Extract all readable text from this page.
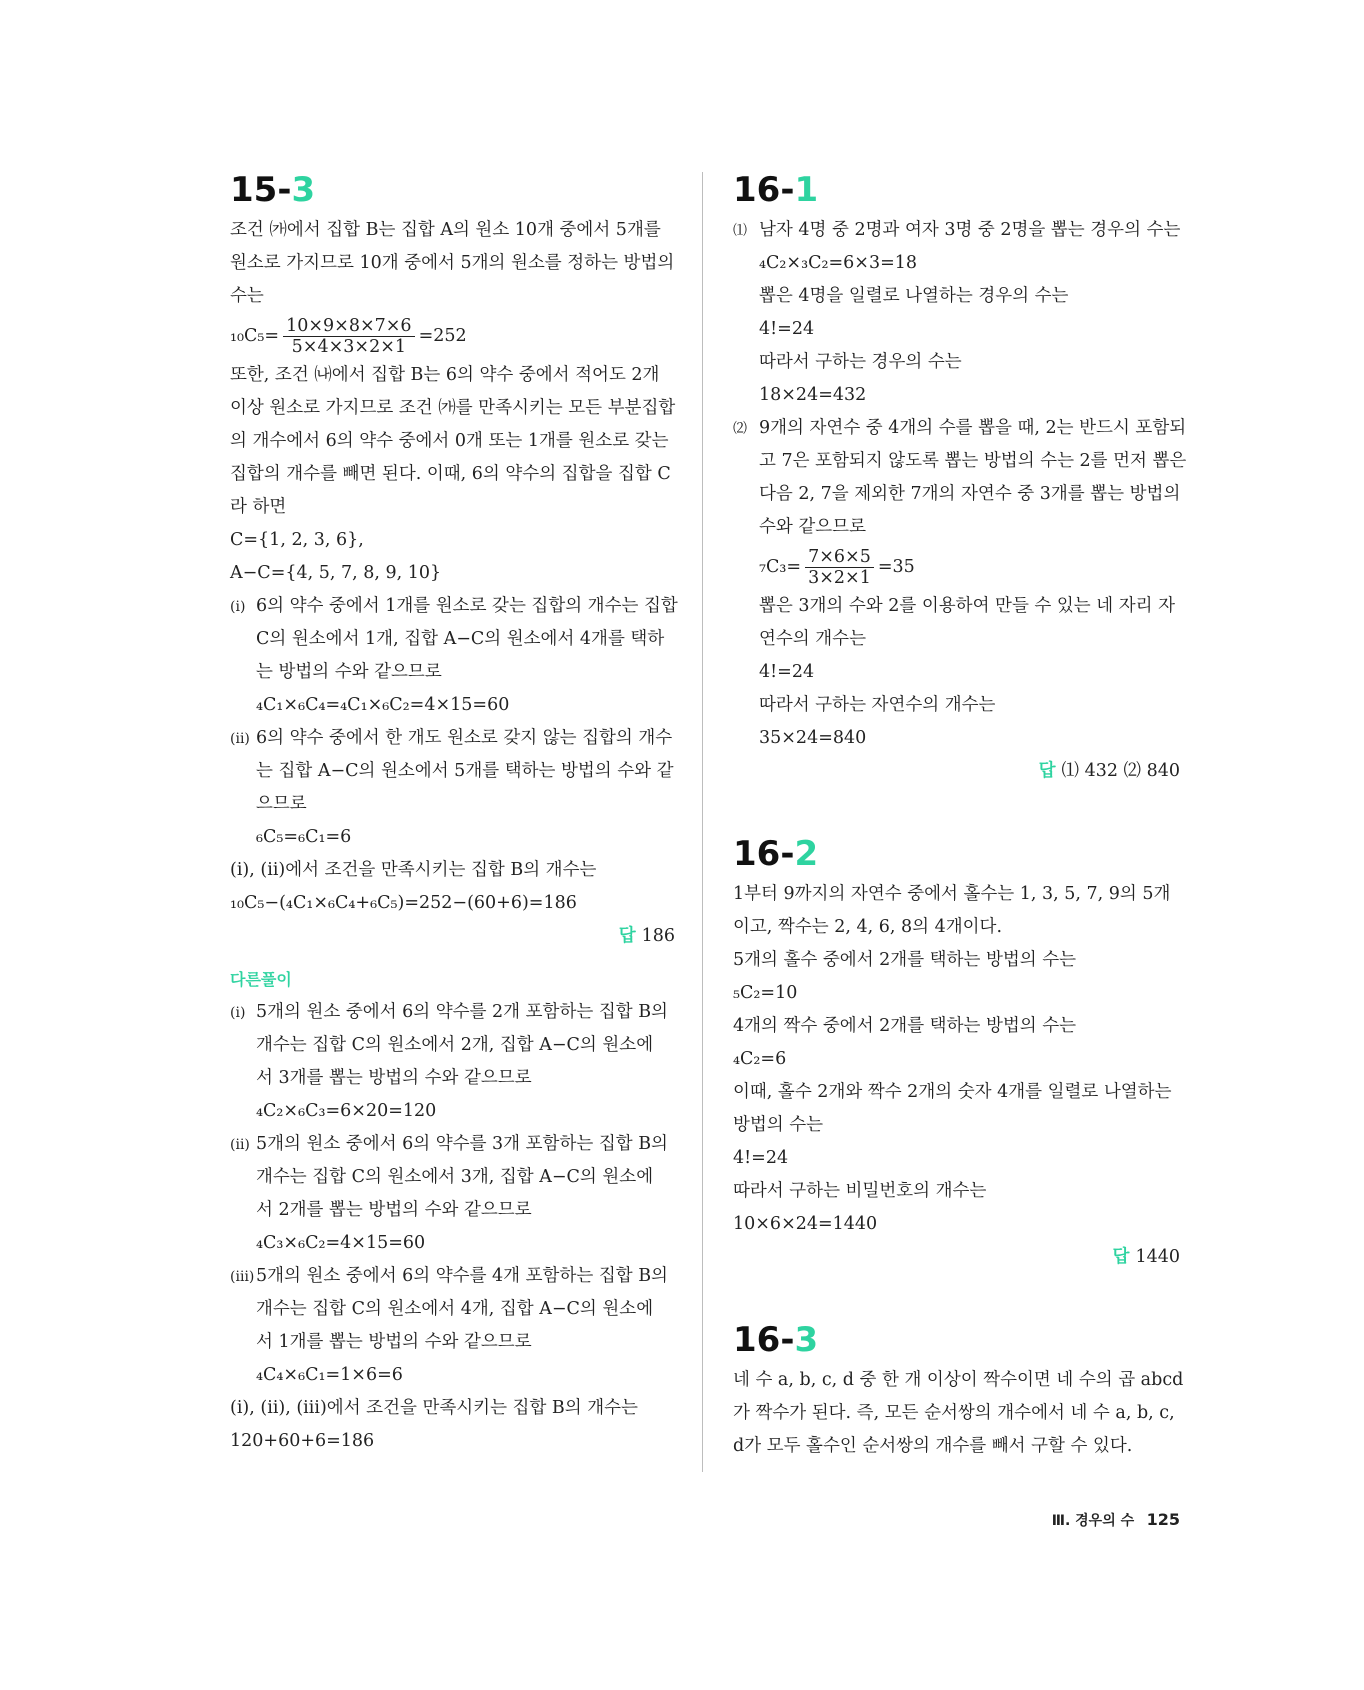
15-3
조건 ㈎에서 집합 B는 집합 A의 원소 10개 중에서 5개를
원소로 가지므로 10개 중에서 5개의 원소를 정하는 방법의
수는
$_{10}C_5= \frac{10\times 9\times 8\times 7\times 6}{5\times 4\times 3\times 2\times 1} =252$
또한, 조건 ㈏에서 집합 B는 6의 약수 중에서 적어도 2개
이상 원소로 가지므로 조건 ㈎를 만족시키는 모든 부분집합
의 개수에서 6의 약수 중에서 0개 또는 1개를 원소로 갖는
집합의 개수를 빼면 된다. 이때, 6의 약수의 집합을 집합 C
라 하면
C={1, 2, 3, 6},
A−C={4, 5, 7, 8, 9, 10}
(ⅰ) 6의 약수 중에서 1개를 원소로 갖는 집합의 개수는 집합
C의 원소에서 1개, 집합 A−C의 원소에서 4개를 택하
는 방법의 수와 같으므로
₄C₁×₆C₄=₄C₁×₆C₂=4×15=60
(ⅱ) 6의 약수 중에서 한 개도 원소로 갖지 않는 집합의 개수
는 집합 A−C의 원소에서 5개를 택하는 방법의 수와 같
으므로
₆C₅=₆C₁=6
(ⅰ), (ⅱ)에서 조건을 만족시키는 집합 B의 개수는
₁₀C₅−(₄C₁×₆C₄+₆C₅)=252−(60+6)=186
답 186
다른풀이
(ⅰ) 5개의 원소 중에서 6의 약수를 2개 포함하는 집합 B의
개수는 집합 C의 원소에서 2개, 집합 A−C의 원소에
서 3개를 뽑는 방법의 수와 같으므로
₄C₂×₆C₃=6×20=120
(ⅱ) 5개의 원소 중에서 6의 약수를 3개 포함하는 집합 B의
개수는 집합 C의 원소에서 3개, 집합 A−C의 원소에
서 2개를 뽑는 방법의 수와 같으므로
₄C₃×₆C₂=4×15=60
(ⅲ)5개의 원소 중에서 6의 약수를 4개 포함하는 집합 B의
개수는 집합 C의 원소에서 4개, 집합 A−C의 원소에
서 1개를 뽑는 방법의 수와 같으므로
₄C₄×₆C₁=1×6=6
(ⅰ), (ⅱ), (ⅲ)에서 조건을 만족시키는 집합 B의 개수는
120+60+6=186
16-1
⑴ 남자 4명 중 2명과 여자 3명 중 2명을 뽑는 경우의 수는
₄C₂×₃C₂=6×3=18
뽑은 4명을 일렬로 나열하는 경우의 수는
4!=24
따라서 구하는 경우의 수는
18×24=432
⑵ 9개의 자연수 중 4개의 수를 뽑을 때, 2는 반드시 포함되
고 7은 포함되지 않도록 뽑는 방법의 수는 2를 먼저 뽑은
다음 2, 7을 제외한 7개의 자연수 중 3개를 뽑는 방법의
수와 같으므로
$_7C_3= \frac{7\times 6\times 5}{3\times 2\times 1} =35$
뽑은 3개의 수와 2를 이용하여 만들 수 있는 네 자리 자
연수의 개수는
4!=24
따라서 구하는 자연수의 개수는
35×24=840
답 ⑴ 432 ⑵ 840
16-2
1부터 9까지의 자연수 중에서 홀수는 1, 3, 5, 7, 9의 5개
이고, 짝수는 2, 4, 6, 8의 4개이다.
5개의 홀수 중에서 2개를 택하는 방법의 수는
₅C₂=10
4개의 짝수 중에서 2개를 택하는 방법의 수는
₄C₂=6
이때, 홀수 2개와 짝수 2개의 숫자 4개를 일렬로 나열하는
방법의 수는
4!=24
따라서 구하는 비밀번호의 개수는
10×6×24=1440
답 1440
16-3
네 수 a, b, c, d 중 한 개 이상이 짝수이면 네 수의 곱 abcd
가 짝수가 된다. 즉, 모든 순서쌍의 개수에서 네 수 a, b, c,
d가 모두 홀수인 순서쌍의 개수를 빼서 구할 수 있다.
Ⅲ. 경우의 수 125
